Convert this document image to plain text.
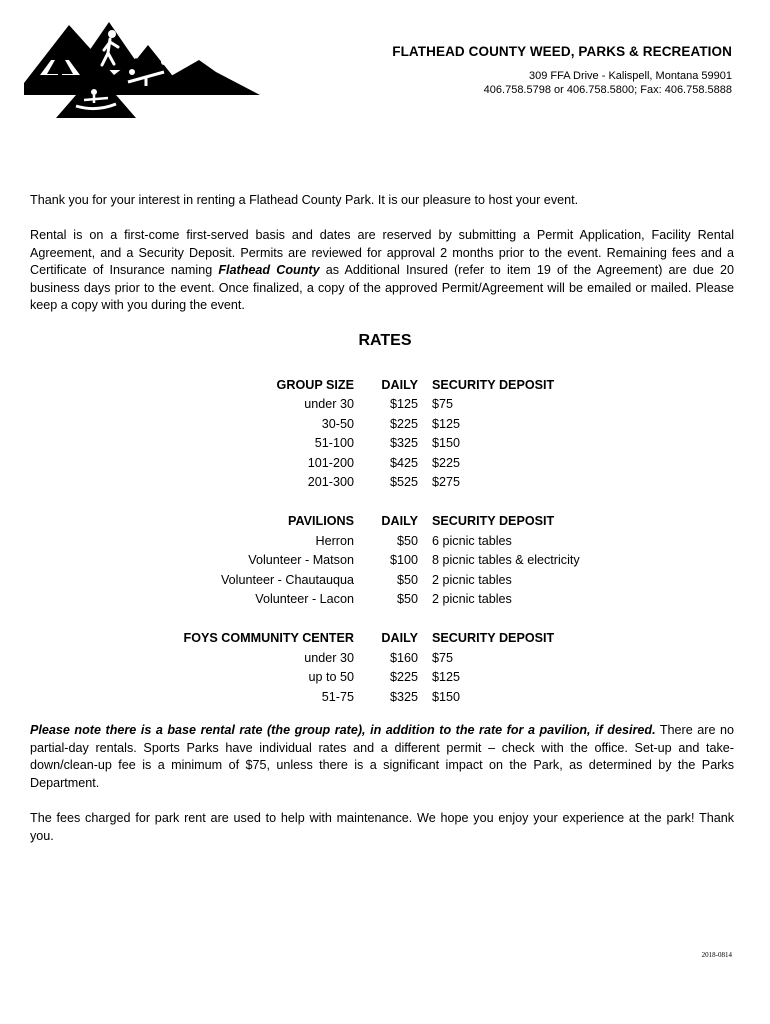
FLATHEAD COUNTY WEED, PARKS & RECREATION
309 FFA Drive - Kalispell, Montana 59901
406.758.5798 or 406.758.5800; Fax: 406.758.5888
Thank you for your interest in renting a Flathead County Park. It is our pleasure to host your event.
Rental is on a first-come first-served basis and dates are reserved by submitting a Permit Application, Facility Rental Agreement, and a Security Deposit. Permits are reviewed for approval 2 months prior to the event. Remaining fees and a Certificate of Insurance naming Flathead County as Additional Insured (refer to item 19 of the Agreement) are due 20 business days prior to the event. Once finalized, a copy of the approved Permit/Agreement will be emailed or mailed. Please keep a copy with you during the event.
RATES
GROUP SIZE	DAILY	SECURITY DEPOSIT
under 30	$125	$75
30-50	$225	$125
51-100	$325	$150
101-200	$425	$225
201-300	$525	$275

PAVILIONS	DAILY	SECURITY DEPOSIT
Herron	$50	6 picnic tables
Volunteer - Matson	$100	8 picnic tables & electricity
Volunteer - Chautauqua	$50	2 picnic tables
Volunteer - Lacon	$50	2 picnic tables

FOYS COMMUNITY CENTER	DAILY	SECURITY DEPOSIT
under 30	$160	$75
up to 50	$225	$125
51-75	$325	$150
Please note there is a base rental rate (the group rate), in addition to the rate for a pavilion, if desired. There are no partial-day rentals. Sports Parks have individual rates and a different permit – check with the office. Set-up and take-down/clean-up fee is a minimum of $75, unless there is a significant impact on the Park, as determined by the Parks Department.
The fees charged for park rent are used to help with maintenance. We hope you enjoy your experience at the park! Thank you.
2018-0814
